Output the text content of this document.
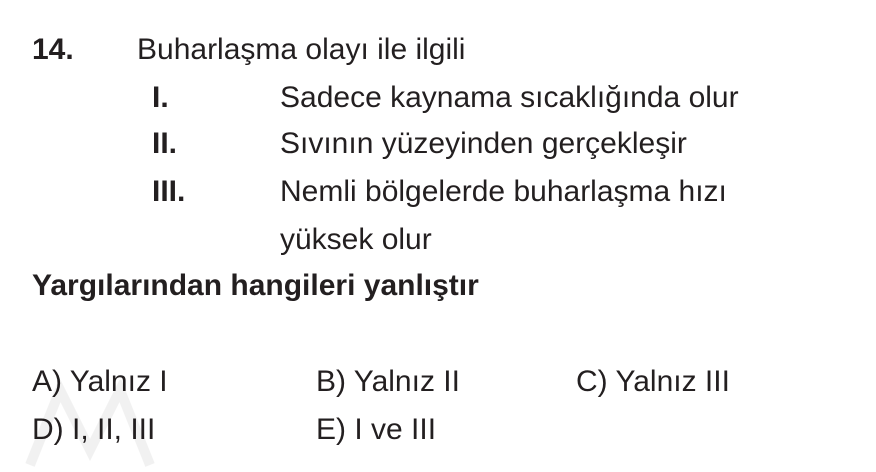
14. Buharlaşma olayı ile ilgili
I.	Sadece kaynama sıcaklığında olur
II.	Sıvının yüzeyinden gerçekleşir
III.	Nemli bölgelerde buharlaşma hızı
yüksek olur
Yargılarından hangileri yanlıştır
A) Yalnız I	B) Yalnız II	C) Yalnız III
D) I, II, III	E) I ve III
